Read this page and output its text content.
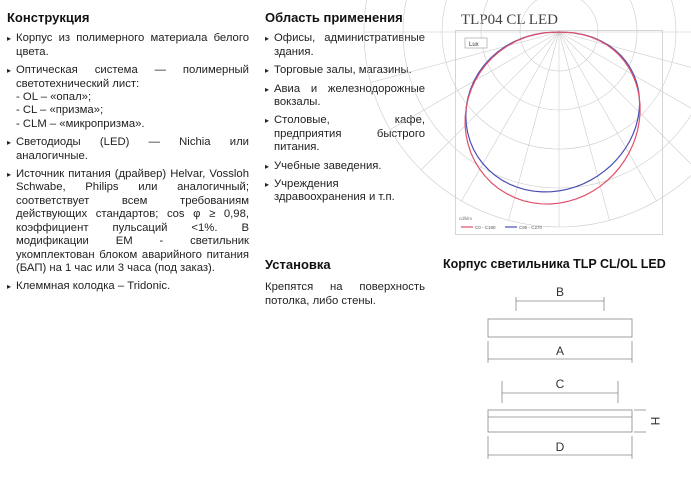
Конструкция
▸ Корпус из полимерного материала белого цвета.
▸ Оптическая система — полимерный светотехнический лист:
- OL – «опал»;
- CL – «призма»;
- CLM – «микропризма».
▸ Светодиоды (LED) — Nichia или аналогичные.
▸ Источник питания (драйвер) Helvar, Vossloh Schwabe, Philips или аналогичный; соответствует всем требованиям действующих стандартов; cos φ ≥ 0,98, коэффициент пульсаций <1%. В модификации EM - светильник укомплектован блоком аварийного питания (БАП) на 1 час или 3 часа (под заказ).
▸ Клеммная колодка – Tridonic.
Область применения
▸ Офисы, административные здания.
▸ Торговые залы, магазины.
▸ Авиа и железнодорожные вокзалы.
▸ Столовые, кафе, предприятия быстрого питания.
▸ Учебные заведения.
▸ Учреждения здравоохранения и т.п.
Установка

Крепятся на поверхность потолка, либо стены.

TLP04 CL LED
Lux
cd/klm
C0 - C180	C90 - C270
Корпус светильника TLP CL/OL LED
B
A
C
D
H
